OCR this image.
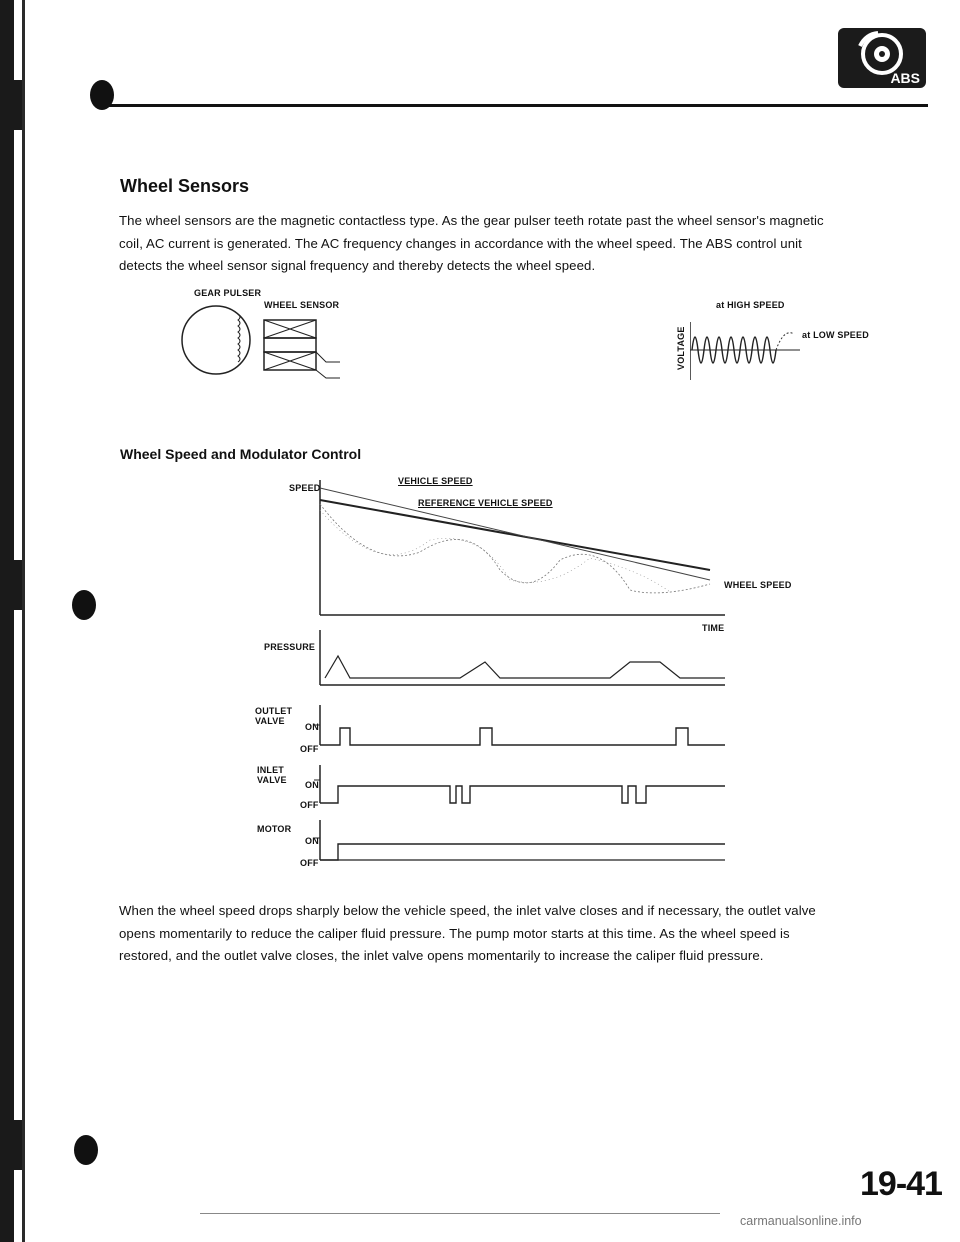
ABS
Wheel Sensors
The wheel sensors are the magnetic contactless type. As the gear pulser teeth rotate past the wheel sensor's magnetic
coil, AC current is generated. The AC frequency changes in accordance with the wheel speed. The ABS control unit
detects the wheel sensor signal frequency and thereby detects the wheel speed.
GEAR PULSER
WHEEL SENSOR	at HIGH SPEED
at LOW SPEED
VOLTAGE
Wheel Speed and Modulator Control
SPEED
VEHICLE SPEED
REFERENCE VEHICLE SPEED
WHEEL SPEED
TIME
PRESSURE
OUTLET
VALVE
ON
OFF
INLET
VALVE ON
OFF
MOTOR
ON
OFF
When the wheel speed drops sharply below the vehicle speed, the inlet valve closes and if necessary, the outlet valve
opens momentarily to reduce the caliper fluid pressure. The pump motor starts at this time. As the wheel speed is
restored, and the outlet valve closes, the inlet valve opens momentarily to increase the caliper fluid pressure.
19-41
carmanualsonline.info
